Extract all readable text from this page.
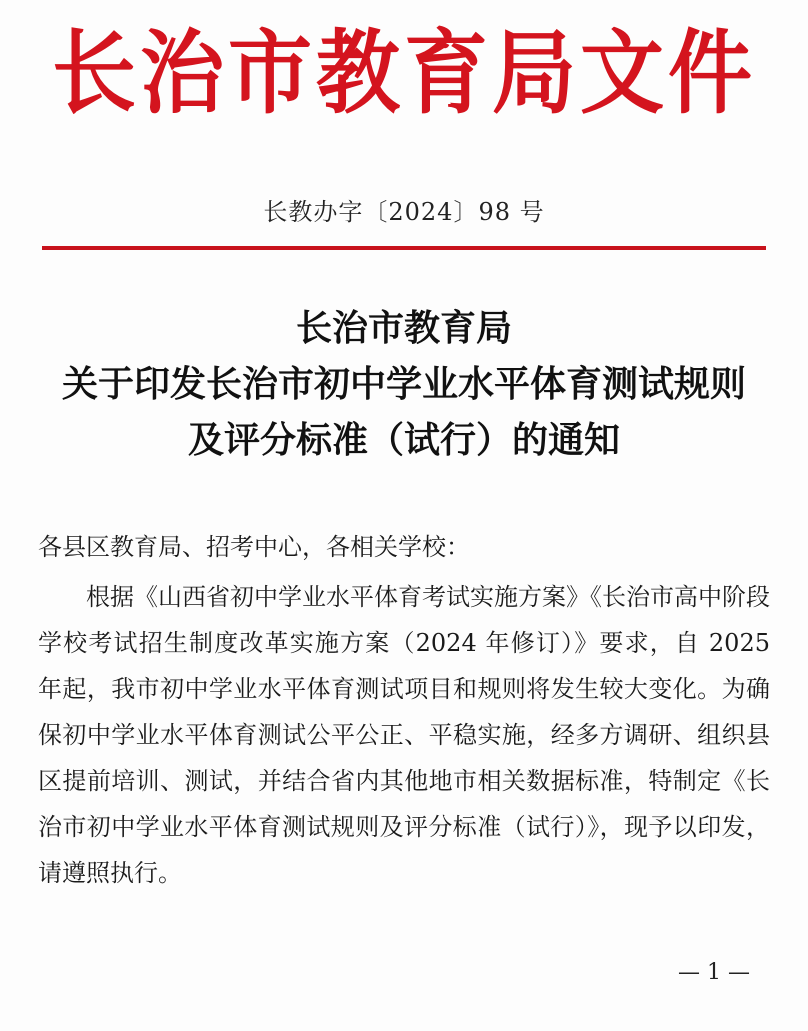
长治市教育局文件
长教办字〔2024〕98 号
长治市教育局
关于印发长治市初中学业水平体育测试规则
及评分标准（试行）的通知
各县区教育局、招考中心，各相关学校：
根据《山西省初中学业水平体育考试实施方案》《长治市高中阶段学校考试招生制度改革实施方案（2024 年修订）》要求，自 2025 年起，我市初中学业水平体育测试项目和规则将发生较大变化。为确保初中学业水平体育测试公平公正、平稳实施，经多方调研、组织县区提前培训、测试，并结合省内其他地市相关数据标准，特制定《长治市初中学业水平体育测试规则及评分标准（试行）》，现予以印发，请遵照执行。
— 1 —
